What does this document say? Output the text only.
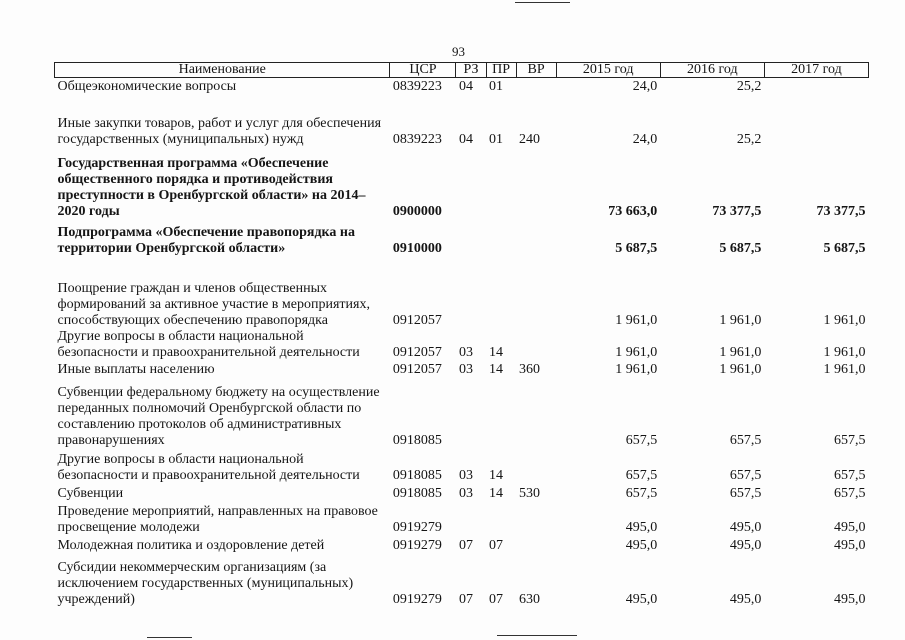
93
Наименование	ЦСР	РЗ	ПР	ВР	2015 год	2016 год	2017 год
Общеэкономические вопросы	0839223	04	01		24,0	25,2	
Иные закупки товаров, работ и услуг для обеспечения государственных (муниципальных) нужд	0839223	04	01	240	24,0	25,2	
Государственная программа «Обеспечение общественного порядка и противодействия преступности в Оренбургской области» на 2014–2020 годы	0900000				73 663,0	73 377,5	73 377,5
Подпрограмма «Обеспечение правопорядка на территории Оренбургской области»	0910000				5 687,5	5 687,5	5 687,5
Поощрение граждан и членов общественных формирований за активное участие в мероприятиях, способствующих обеспечению правопорядка	0912057				1 961,0	1 961,0	1 961,0
Другие вопросы в области национальной безопасности и правоохранительной деятельности	0912057	03	14		1 961,0	1 961,0	1 961,0
Иные выплаты населению	0912057	03	14	360	1 961,0	1 961,0	1 961,0
Субвенции федеральному бюджету на осуществление переданных полномочий Оренбургской области по составлению протоколов об административных правонарушениях	0918085				657,5	657,5	657,5
Другие вопросы в области национальной безопасности и правоохранительной деятельности	0918085	03	14		657,5	657,5	657,5
Субвенции	0918085	03	14	530	657,5	657,5	657,5
Проведение мероприятий, направленных на правовое просвещение молодежи	0919279				495,0	495,0	495,0
Молодежная политика и оздоровление детей	0919279	07	07		495,0	495,0	495,0
Субсидии некоммерческим организациям (за исключением государственных (муниципальных) учреждений)	0919279	07	07	630	495,0	495,0	495,0
